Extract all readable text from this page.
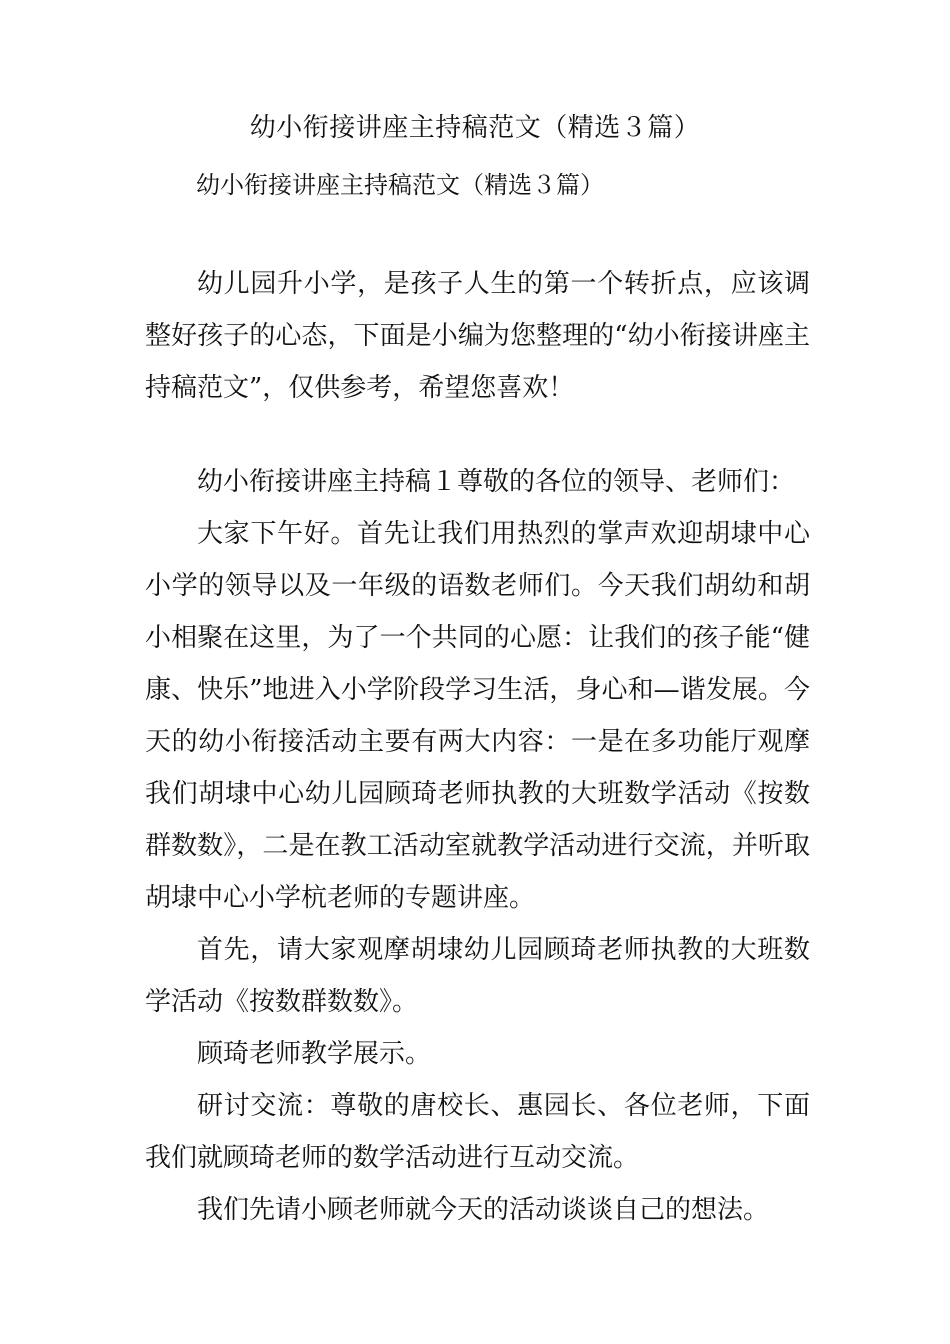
幼小衔接讲座主持稿范文（精选３篇）
幼小衔接讲座主持稿范文（精选３篇）

幼儿园升小学，是孩子人生的第一个转折点，应该调整好孩子的心态，下面是小编为您整理的“幼小衔接讲座主持稿范文”，仅供参考，希望您喜欢！

幼小衔接讲座主持稿１尊敬的各位的领导、老师们：

大家下午好。首先让我们用热烈的掌声欢迎胡埭中心小学的领导以及一年级的语数老师们。今天我们胡幼和胡小相聚在这里，为了一个共同的心愿：让我们的孩子能“健康、快乐”地进入小学阶段学习生活，身心和—谐发展。今天的幼小衔接活动主要有两大内容：一是在多功能厅观摩我们胡埭中心幼儿园顾琦老师执教的大班数学活动《按数群数数》，二是在教工活动室就教学活动进行交流，并听取胡埭中心小学杭老师的专题讲座。

首先，请大家观摩胡埭幼儿园顾琦老师执教的大班数学活动《按数群数数》。

顾琦老师教学展示。

研讨交流：尊敬的唐校长、惠园长、各位老师，下面我们就顾琦老师的数学活动进行互动交流。

我们先请小顾老师就今天的活动谈谈自己的想法。
